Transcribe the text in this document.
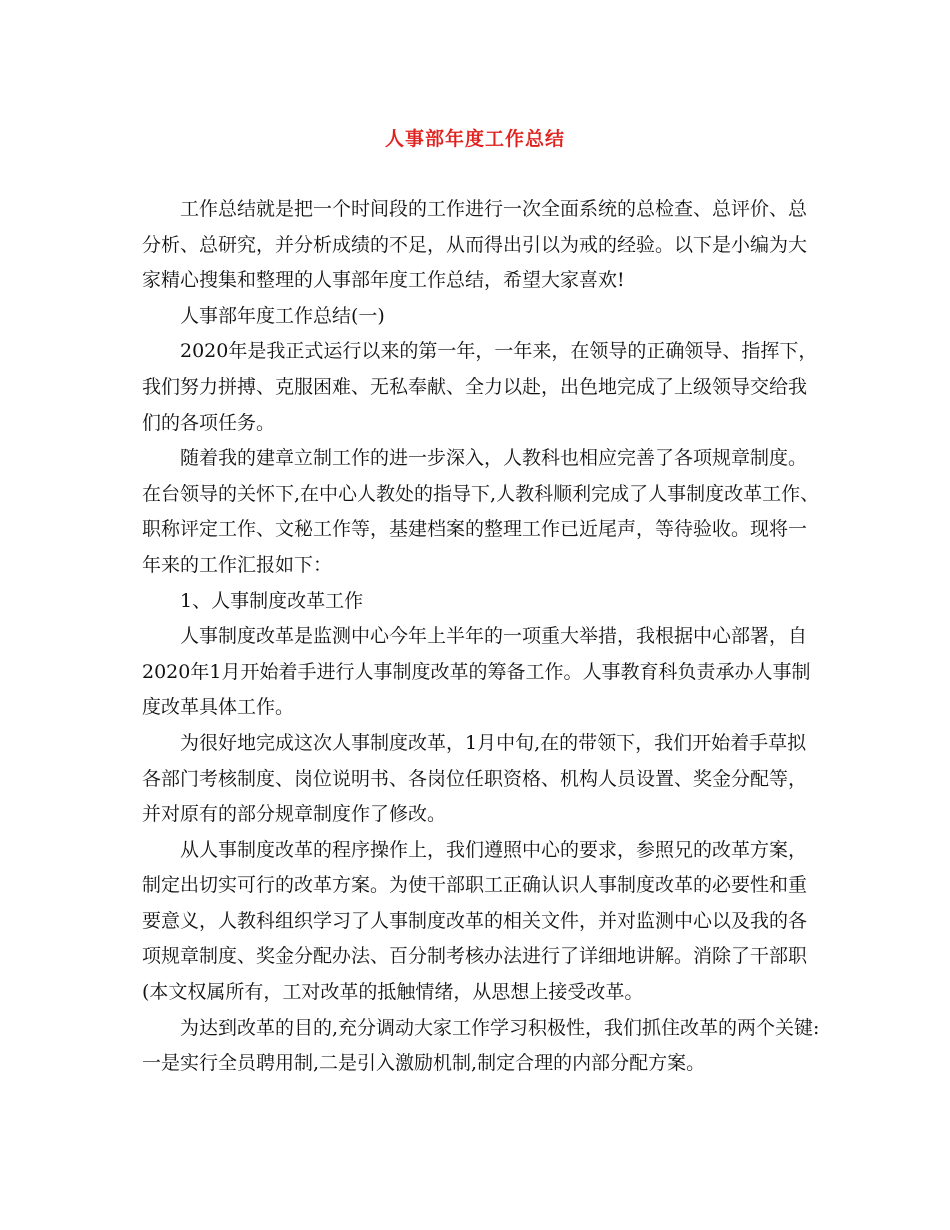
人事部年度工作总结
工作总结就是把一个时间段的工作进行一次全面系统的总检查、总评价、总
分析、总研究，并分析成绩的不足，从而得出引以为戒的经验。以下是小编为大
家精心搜集和整理的人事部年度工作总结，希望大家喜欢!
人事部年度工作总结(一)
2020年是我正式运行以来的第一年，一年来，在领导的正确领导、指挥下，
我们努力拼搏、克服困难、无私奉献、全力以赴，出色地完成了上级领导交给我
们的各项任务。
随着我的建章立制工作的进一步深入，人教科也相应完善了各项规章制度。
在台领导的关怀下,在中心人教处的指导下,人教科顺利完成了人事制度改革工作、
职称评定工作、文秘工作等，基建档案的整理工作已近尾声，等待验收。现将一
年来的工作汇报如下：
1、人事制度改革工作
人事制度改革是监测中心今年上半年的一项重大举措，我根据中心部署，自
2020年1月开始着手进行人事制度改革的筹备工作。人事教育科负责承办人事制
度改革具体工作。
为很好地完成这次人事制度改革，1月中旬,在的带领下，我们开始着手草拟
各部门考核制度、岗位说明书、各岗位任职资格、机构人员设置、奖金分配等，
并对原有的部分规章制度作了修改。
从人事制度改革的程序操作上，我们遵照中心的要求，参照兄的改革方案，
制定出切实可行的改革方案。为使干部职工正确认识人事制度改革的必要性和重
要意义，人教科组织学习了人事制度改革的相关文件，并对监测中心以及我的各
项规章制度、奖金分配办法、百分制考核办法进行了详细地讲解。消除了干部职
(本文权属所有，工对改革的抵触情绪，从思想上接受改革。
为达到改革的目的,充分调动大家工作学习积极性，我们抓住改革的两个关键:
一是实行全员聘用制,二是引入激励机制,制定合理的内部分配方案。
